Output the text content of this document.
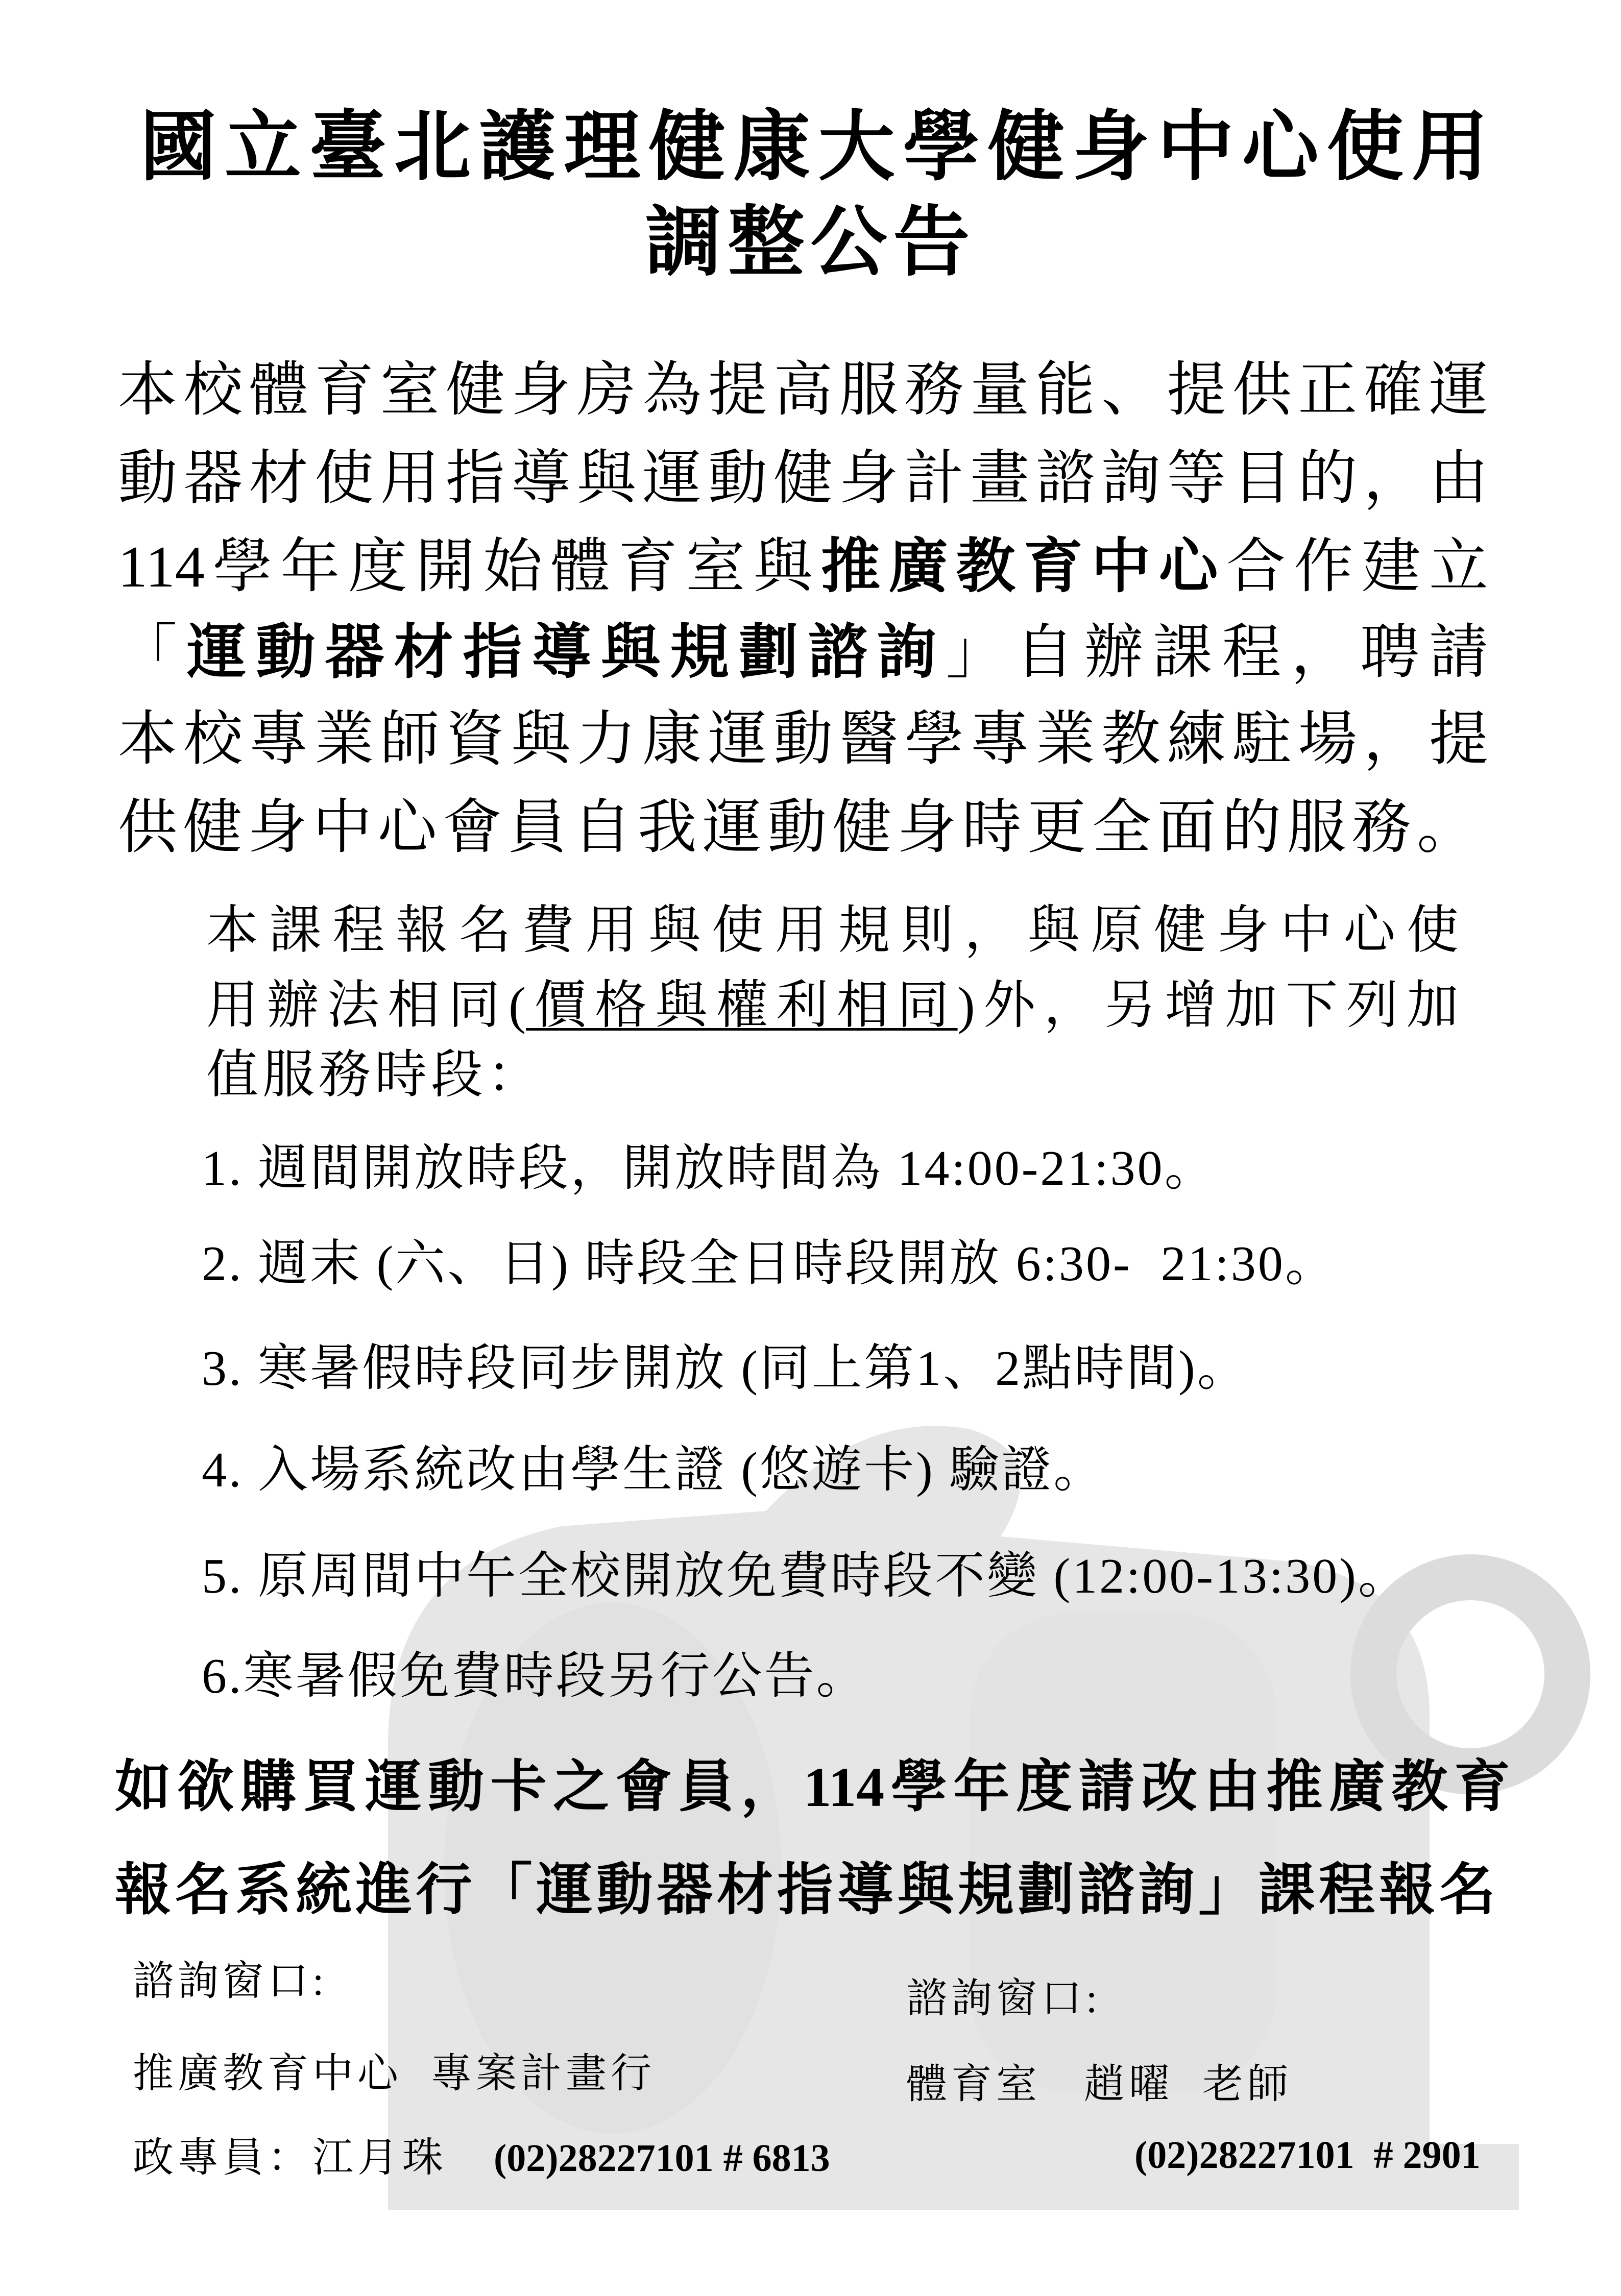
國立臺北護理健康大學健身中心使用
調整公告
本校體育室健身房為提高服務量能、提供正確運
動器材使用指導與運動健身計畫諮詢等目的，由
114學年度開始體育室與推廣教育中心合作建立
「運動器材指導與規劃諮詢」自辦課程，聘請
本校專業師資與力康運動醫學專業教練駐場，提
供健身中心會員自我運動健身時更全面的服務。
本課程報名費用與使用規則，與原健身中心使
用辦法相同(價格與權利相同)外，另增加下列加
值服務時段：
1. 週間開放時段，開放時間為 14:00-21:30。
2. 週末 (六、日) 時段全日時段開放 6:30-  21:30。
3. 寒暑假時段同步開放 (同上第1、2點時間)。
4. 入場系統改由學生證 (悠遊卡) 驗證。
5. 原周間中午全校開放免費時段不變 (12:00-13:30)。
6.寒暑假免費時段另行公告。
如欲購買運動卡之會員，114學年度請改由推廣教育
報名系統進行「運動器材指導與規劃諮詢」課程報名
諮詢窗口:
推廣教育中心  專案計畫行
政專員：江月珠 (02)28227101 # 6813
諮詢窗口:
體育室   趙曜  老師
(02)28227101  # 2901
